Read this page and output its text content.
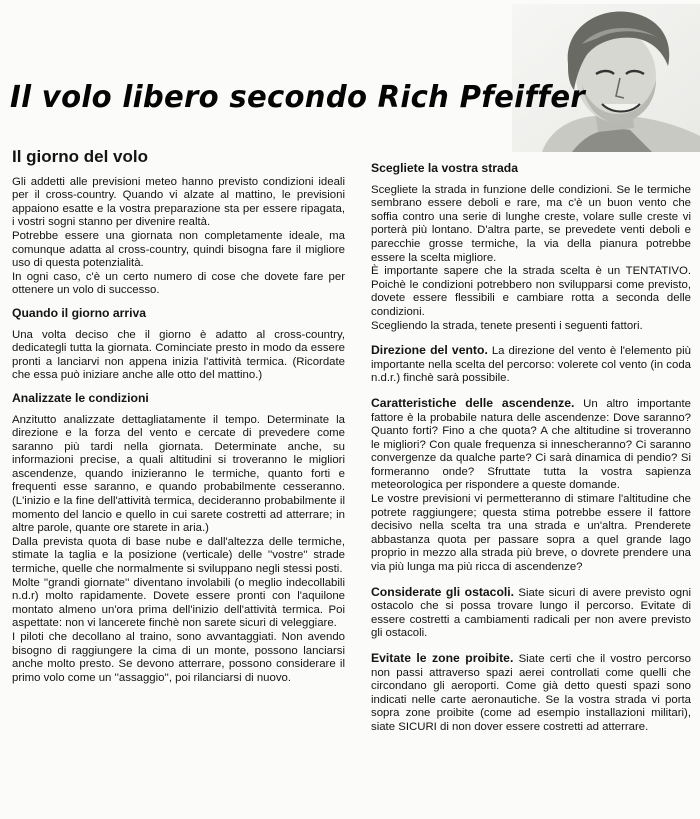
Il volo libero secondo Rich Pfeiffer
Il giorno del volo

Gli addetti alle previsioni meteo hanno previsto condizioni ideali per il cross-country. Quando vi alzate al mattino, le previsioni appaiono esatte e la vostra preparazione sta per essere ripagata, i vostri sogni stanno per divenire realtà.

Potrebbe essere una giornata non completamente ideale, ma comunque adatta al cross-country, quindi bisogna fare il migliore uso di questa potenzialità.

In ogni caso, c'è un certo numero di cose che dovete fare per ottenere un volo di successo.

Quando il giorno arriva

Una volta deciso che il giorno è adatto al cross-country, dedicategli tutta la giornata. Cominciate presto in modo da essere pronti a lanciarvi non appena inizia l'attività termica. (Ricordate che essa può iniziare anche alle otto del mattino.)

Analizzate le condizioni

Anzitutto analizzate dettagliatamente il tempo. Determinate la direzione e la forza del vento e cercate di prevedere come saranno più tardi nella giornata. Determinate anche, su informazioni precise, a quali altitudini si troveranno le migliori ascendenze, quando inizieranno le termiche, quanto forti e frequenti esse saranno, e quando probabilmente cesseranno. (L'inizio e la fine dell'attività termica, decideranno probabilmente il momento del lancio e quello in cui sarete costretti ad atterrare; in altre parole, quante ore starete in aria.)

Dalla prevista quota di base nube e dall'altezza delle termiche, stimate la taglia e la posizione (verticale) delle ''vostre'' strade termiche, quelle che normalmente si sviluppano negli stessi posti.

Molte ''grandi giornate'' diventano involabili (o meglio indecollabili n.d.r) molto rapidamente. Dovete essere pronti con l'aquilone montato almeno un'ora prima dell'inizio dell'attività termica. Poi aspettate: non vi lancerete finchè non sarete sicuri di veleggiare.

I piloti che decollano al traino, sono avvantaggiati. Non avendo bisogno di raggiungere la cima di un monte, possono lanciarsi anche molto presto. Se devono atterrare, possono considerare il primo volo come un ''assaggio'', poi rilanciarsi di nuovo.

Scegliete la vostra strada

Scegliete la strada in funzione delle condizioni. Se le termiche sembrano essere deboli e rare, ma c'è un buon vento che soffia contro una serie di lunghe creste, volare sulle creste vi porterà più lontano. D'altra parte, se prevedete venti deboli e parecchie grosse termiche, la via della pianura potrebbe essere la scelta migliore.

È importante sapere che la strada scelta è un TENTATIVO. Poichè le condizioni potrebbero non svilupparsi come previsto, dovete essere flessibili e cambiare rotta a seconda delle condizioni.

Scegliendo la strada, tenete presenti i seguenti fattori.

Direzione del vento. La direzione del vento è l'elemento più importante nella scelta del percorso: volerete col vento (in coda n.d.r.) finchè sarà possibile.

Caratteristiche delle ascendenze. Un altro importante fattore è la probabile natura delle ascendenze: Dove saranno? Quanto forti? Fino a che quota? A che altitudine si troveranno le migliori? Con quale frequenza si innescheranno? Ci saranno convergenze da qualche parte? Ci sarà dinamica di pendio? Si formeranno onde? Sfruttate tutta la vostra sapienza meteorologica per rispondere a queste domande.

Le vostre previsioni vi permetteranno di stimare l'altitudine che potrete raggiungere; questa stima potrebbe essere il fattore decisivo nella scelta tra una strada e un'altra. Prenderete abbastanza quota per passare sopra a quel grande lago proprio in mezzo alla strada più breve, o dovrete prendere una via più lunga ma più ricca di ascendenze?

Considerate gli ostacoli. Siate sicuri di avere previsto ogni ostacolo che si possa trovare lungo il percorso. Evitate di essere costretti a cambiamenti radicali per non avere previsto gli ostacoli.

Evitate le zone proibite. Siate certi che il vostro percorso non passi attraverso spazi aerei controllati come quelli che circondano gli aeroporti. Come già detto questi spazi sono indicati nelle carte aeronautiche. Se la vostra strada vi porta sopra zone proibite (come ad esempio installazioni militari), siate SICURI di non dover essere costretti ad atterrare.
